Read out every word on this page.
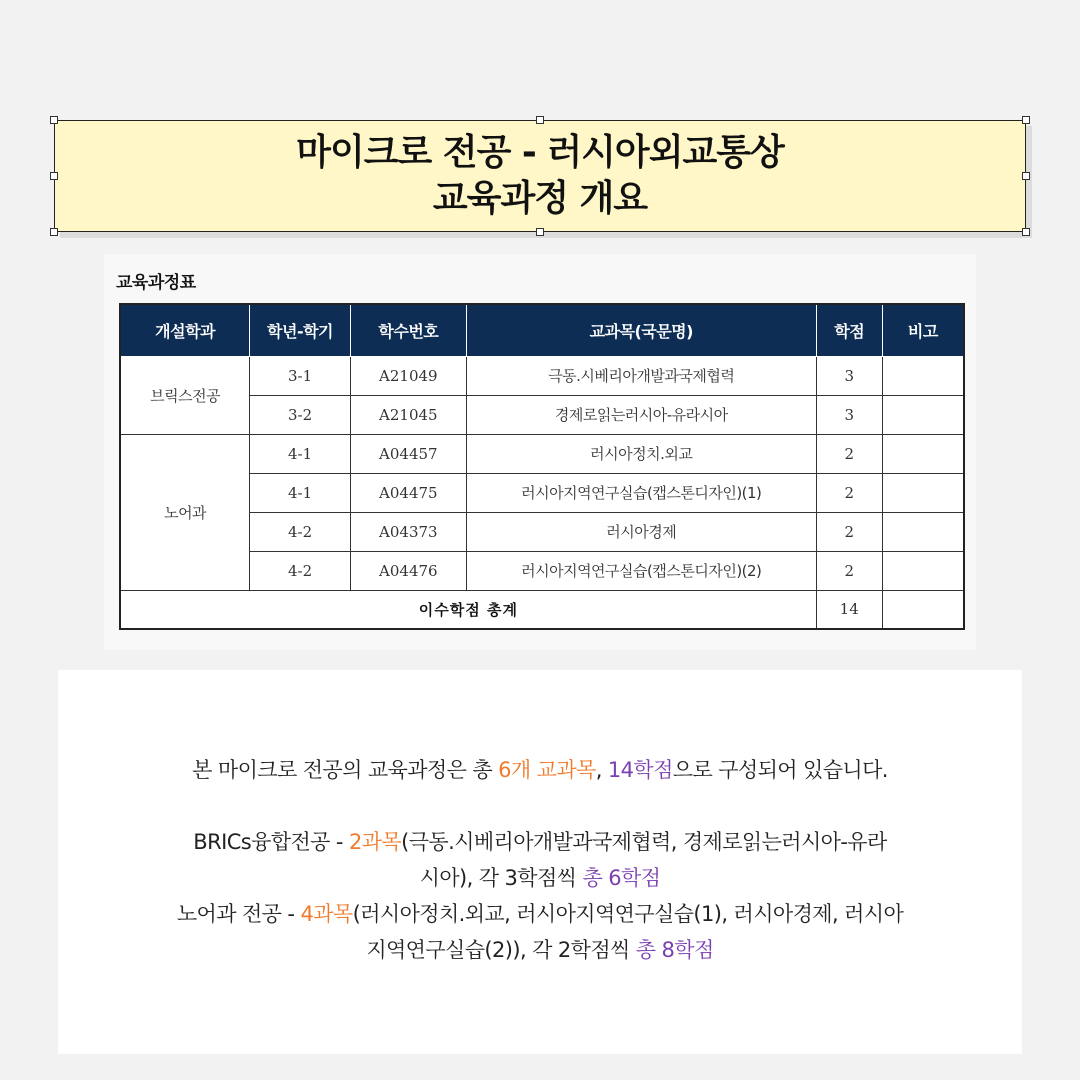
마이크로 전공 - 러시아외교통상
교육과정 개요
교육과정표
개설학과	학년-학기	학수번호	교과목(국문명)	학점	비고
브릭스전공	3-1	A21049	극동.시베리아개발과국제협력	3	
	3-2	A21045	경제로읽는러시아-유라시아	3	
노어과	4-1	A04457	러시아정치.외교	2	
	4-1	A04475	러시아지역연구실습(캡스톤디자인)(1)	2	
	4-2	A04373	러시아경제	2	
	4-2	A04476	러시아지역연구실습(캡스톤디자인)(2)	2	
이수학점 총계				14	

본 마이크로 전공의 교육과정은 총 6개 교과목, 14학점으로 구성되어 있습니다.

BRICs융합전공 - 2과목(극동.시베리아개발과국제협력, 경제로읽는러시아-유라
시아), 각 3학점씩 총 6학점

노어과 전공 - 4과목(러시아정치.외교, 러시아지역연구실습(1), 러시아경제, 러시아
지역연구실습(2)), 각 2학점씩 총 8학점
